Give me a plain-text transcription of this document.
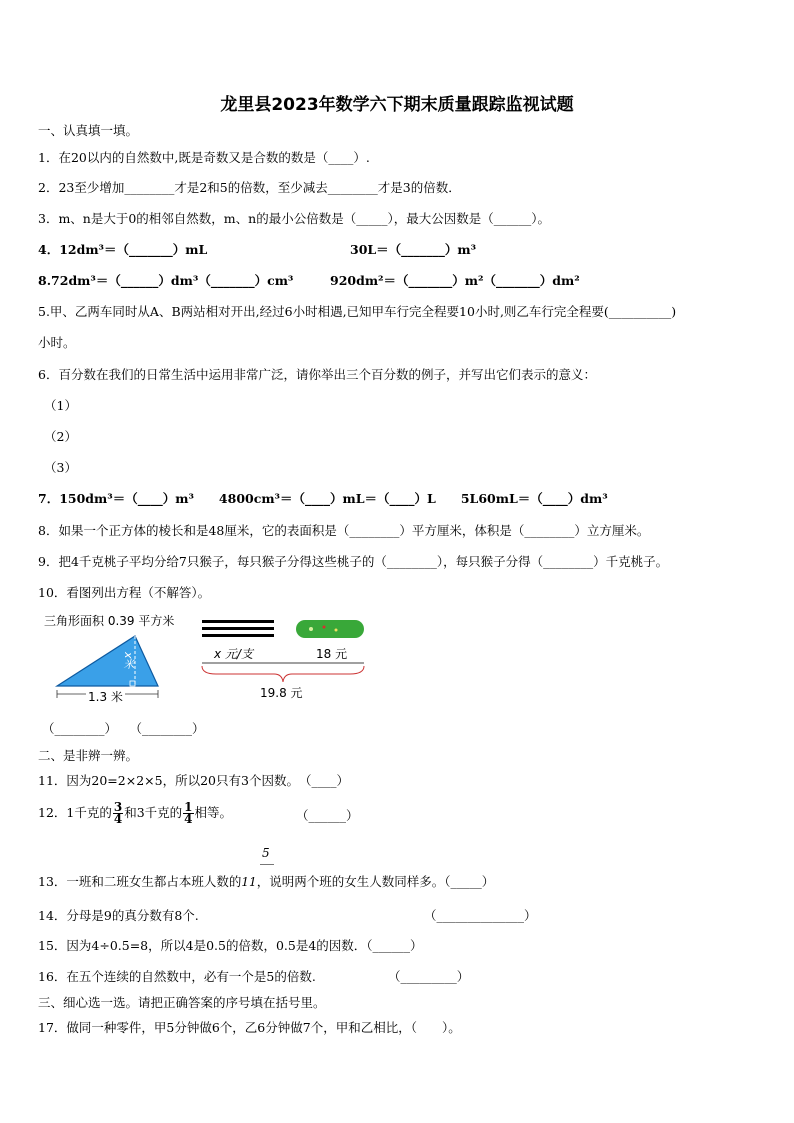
龙里县2023年数学六下期末质量跟踪监视试题
一、认真填一填。
1．在20以内的自然数中,既是奇数又是合数的数是（____）.
2．23至少增加________才是2和5的倍数，至少减去________才是3的倍数．
3．m、n是大于0的相邻自然数，m、n的最小公倍数是（_____），最大公因数是（______）。
4．12dm³＝（_______）mL	30L＝（_______）m³
8.72dm³＝（______）dm³（_______）cm³	920dm²＝（_______）m²（_______）dm²
5.甲、乙两车同时从A、B两站相对开出,经过6小时相遇,已知甲车行完全程要10小时,则乙车行完全程要(__________)
小时。
6．百分数在我们的日常生活中运用非常广泛，请你举出三个百分数的例子，并写出它们表示的意义：
（1）
（2）
（3）
7．150dm³＝（____）m³　　4800cm³＝（____）mL＝（____）L　　5L60mL＝（____）dm³
8．如果一个正方体的棱长和是48厘米，它的表面积是（________）平方厘米，体积是（________）立方厘米。
9．把4千克桃子平均分给7只猴子，每只猴子分得这些桃子的（________），每只猴子分得（________）千克桃子。
10．看图列出方程（不解答）。
三角形面积 0.39 平方米
x米
1.3 米
x 元/支	18 元
19.8 元
（________）　　（________）
二、是非辨一辨。
11．因为20=2×2×5，所以20只有3个因数。　（____）
12．1千克的 $\frac{3}{4}$ 和3千克的 $\frac{1}{4}$ 相等。	（______）
5
13．一班和二班女生都占本班人数的11，说明两个班的女生人数同样多。（_____）
14．分母是9的真分数有8个.	（______________）
15．因为4÷0.5=8，所以4是0.5的倍数，0.5是4的因数．（______）
16．在五个连续的自然数中，必有一个是5的倍数.	（_________）
三、细心选一选。请把正确答案的序号填在括号里。
17．做同一种零件，甲5分钟做6个，乙6分钟做7个，甲和乙相比，（　　）。
